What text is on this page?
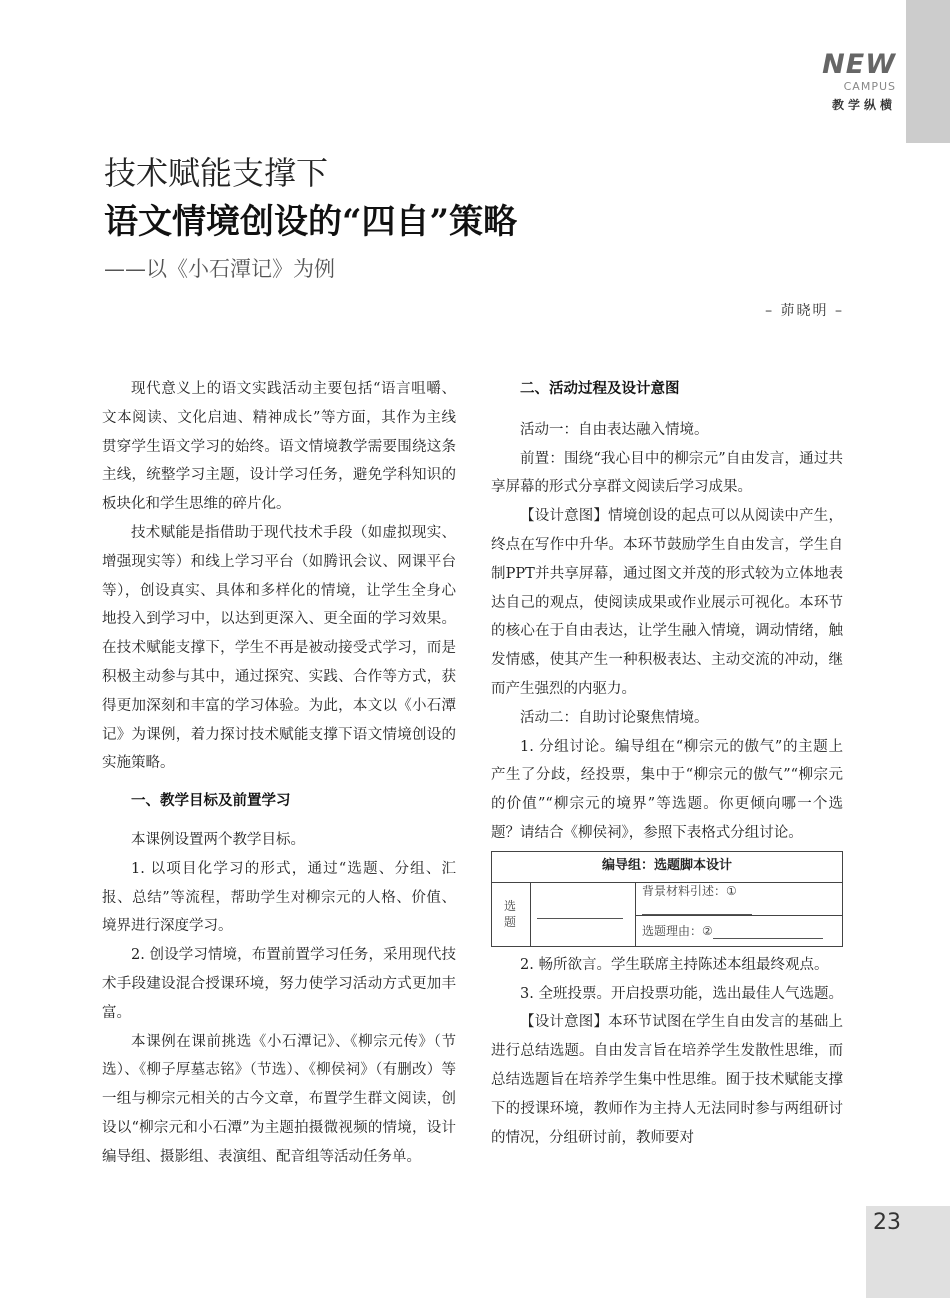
NEW
CAMPUS
教学纵横
技术赋能支撑下
语文情境创设的“四自”策略
——以《小石潭记》为例
– 茆晓明 –

现代意义上的语文实践活动主要包括“语言咀嚼、文本阅读、文化启迪、精神成长”等方面，其作为主线贯穿学生语文学习的始终。语文情境教学需要围绕这条主线，统整学习主题，设计学习任务，避免学科知识的板块化和学生思维的碎片化。

技术赋能是指借助于现代技术手段（如虚拟现实、增强现实等）和线上学习平台（如腾讯会议、网课平台等），创设真实、具体和多样化的情境，让学生全身心地投入到学习中，以达到更深入、更全面的学习效果。在技术赋能支撑下，学生不再是被动接受式学习，而是积极主动参与其中，通过探究、实践、合作等方式，获得更加深刻和丰富的学习体验。为此，本文以《小石潭记》为课例，着力探讨技术赋能支撑下语文情境创设的实施策略。

一、教学目标及前置学习

本课例设置两个教学目标。

1. 以项目化学习的形式，通过“选题、分组、汇报、总结”等流程，帮助学生对柳宗元的人格、价值、境界进行深度学习。

2. 创设学习情境，布置前置学习任务，采用现代技术手段建设混合授课环境，努力使学习活动方式更加丰富。

本课例在课前挑选《小石潭记》、《柳宗元传》（节选）、《柳子厚墓志铭》（节选）、《柳侯祠》（有删改）等一组与柳宗元相关的古今文章，布置学生群文阅读，创设以“柳宗元和小石潭”为主题拍摄微视频的情境，设计编导组、摄影组、表演组、配音组等活动任务单。

二、活动过程及设计意图

活动一：自由表达融入情境。

前置：围绕“我心目中的柳宗元”自由发言，通过共享屏幕的形式分享群文阅读后学习成果。

【设计意图】情境创设的起点可以从阅读中产生，终点在写作中升华。本环节鼓励学生自由发言，学生自制PPT并共享屏幕，通过图文并茂的形式较为立体地表达自己的观点，使阅读成果或作业展示可视化。本环节的核心在于自由表达，让学生融入情境，调动情绪，触发情感，使其产生一种积极表达、主动交流的冲动，继而产生强烈的内驱力。

活动二：自助讨论聚焦情境。

1. 分组讨论。编导组在“柳宗元的傲气”的主题上产生了分歧，经投票，集中于“柳宗元的傲气”“柳宗元的价值”“柳宗元的境界”等选题。你更倾向哪一个选题？请结合《柳侯祠》，参照下表格式分组讨论。

编导组：选题脚本设计
选题		背景材料引述：①
选题理由：②

2. 畅所欲言。学生联席主持陈述本组最终观点。

3. 全班投票。开启投票功能，选出最佳人气选题。

【设计意图】本环节试图在学生自由发言的基础上进行总结选题。自由发言旨在培养学生发散性思维，而总结选题旨在培养学生集中性思维。囿于技术赋能支撑下的授课环境，教师作为主持人无法同时参与两组研讨的情况，分组研讨前，教师要对

23
